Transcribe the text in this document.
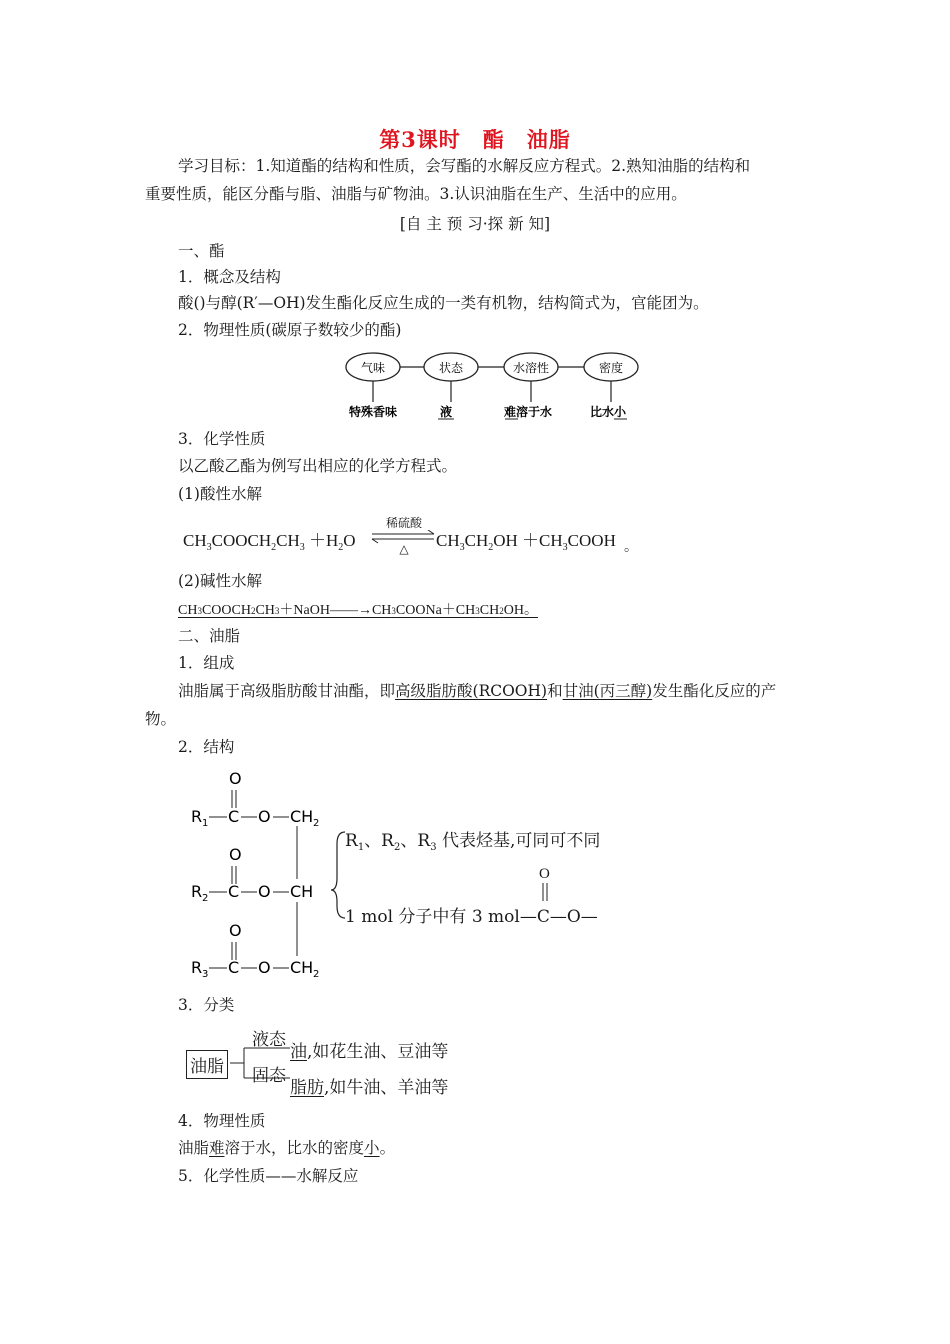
第3课时　酯　油脂
学习目标：1.知道酯的结构和性质，会写酯的水解反应方程式。2.熟知油脂的结构和
重要性质，能区分酯与脂、油脂与矿物油。3.认识油脂在生产、生活中的应用。
[自 主 预 习·探 新 知]
一、酯
1．概念及结构
酸()与醇(R′—OH)发生酯化反应生成的一类有机物，结构简式为，官能团为。
2．物理性质(碳原子数较少的酯)
气味
特殊香味
状态
液
水溶性
难溶于水
密度
比水小
3．化学性质
以乙酸乙酯为例写出相应的化学方程式。
(1)酸性水解
$CH_3COOCH_2CH_3 +H_2O$
稀硫酸
△	$CH_3CH_2OH$ $+CH_3COOH$ 。
(2)碱性水解
CH3COOCH2CH3＋NaOH——→CH3COONa＋CH3CH2OH。
二、油脂
1．组成
油脂属于高级脂肪酸甘油酯，即高级脂肪酸(RCOOH)和甘油(丙三醇)发生酯化反应的产
物。
2．结构
O
R 1 C O CH 2
O
R 2 C O CH
O
R 3 C O CH 2
$R_1$、$R_2$、$R_3$ 代表烃基,可同可不同
1 mol 分子中有 3 mol—C—O—
O
3．分类
油脂
液态
固态
油,如花生油、豆油等
脂肪,如牛油、羊油等
4．物理性质
油脂难溶于水，比水的密度小。
5．化学性质——水解反应
